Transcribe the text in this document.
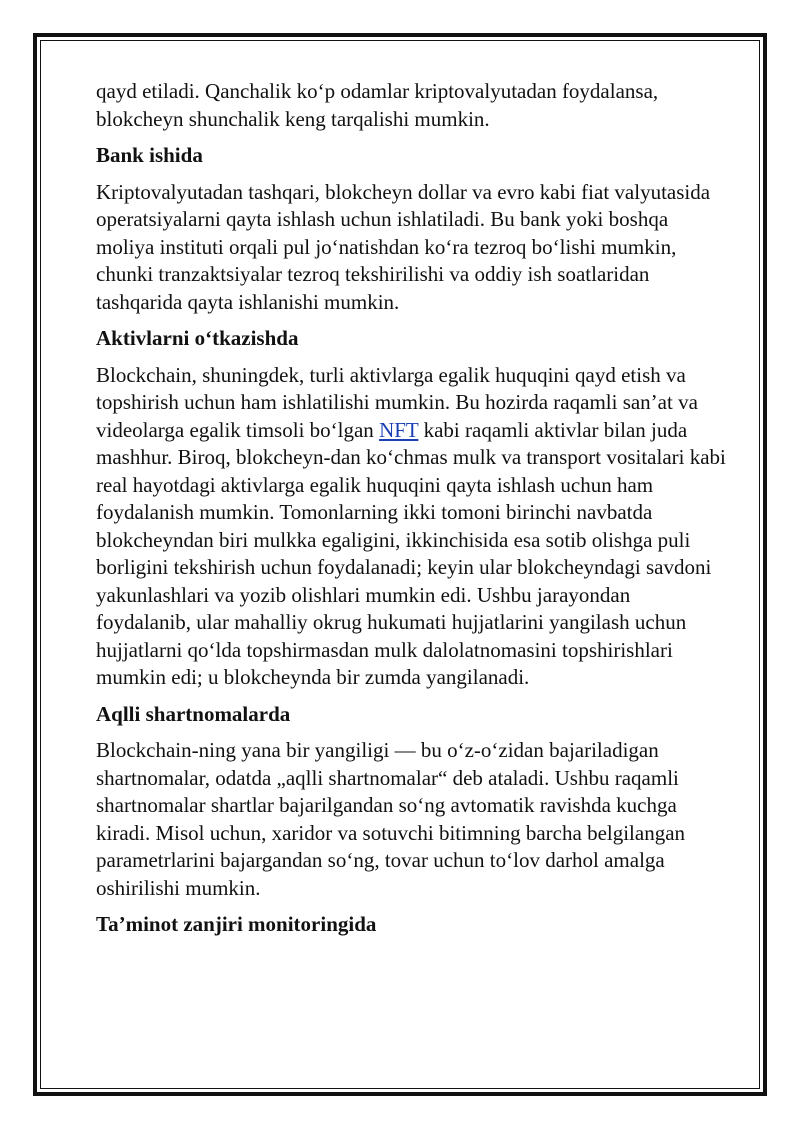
qayd etiladi. Qanchalik ko‘p odamlar kriptovalyutadan foydalansa, blokcheyn shunchalik keng tarqalishi mumkin.

Bank ishida

Kriptovalyutadan tashqari, blokcheyn dollar va evro kabi fiat valyutasida operatsiyalarni qayta ishlash uchun ishlatiladi. Bu bank yoki boshqa moliya instituti orqali pul jo‘natishdan ko‘ra tezroq bo‘lishi mumkin, chunki tranzaktsiyalar tezroq tekshirilishi va oddiy ish soatlaridan tashqarida qayta ishlanishi mumkin.

Aktivlarni o‘tkazishda

Blockchain, shuningdek, turli aktivlarga egalik huquqini qayd etish va topshirish uchun ham ishlatilishi mumkin. Bu hozirda raqamli san’at va videolarga egalik timsoli bo‘lgan NFT kabi raqamli aktivlar bilan juda mashhur. Biroq, blokcheyn-dan ko‘chmas mulk va transport vositalari kabi real hayotdagi aktivlarga egalik huquqini qayta ishlash uchun ham foydalanish mumkin. Tomonlarning ikki tomoni birinchi navbatda blokcheyndan biri mulkka egaligini, ikkinchisida esa sotib olishga puli borligini tekshirish uchun foydalanadi; keyin ular blokcheyndagi savdoni yakunlashlari va yozib olishlari mumkin edi. Ushbu jarayondan foydalanib, ular mahalliy okrug hukumati hujjatlarini yangilash uchun hujjatlarni qo‘lda topshirmasdan mulk dalolatnomasini topshirishlari mumkin edi; u blokcheynda bir zumda yangilanadi.

Aqlli shartnomalarda

Blockchain-ning yana bir yangiligi — bu o‘z-o‘zidan bajariladigan shartnomalar, odatda „aqlli shartnomalar“ deb ataladi. Ushbu raqamli shartnomalar shartlar bajarilgandan so‘ng avtomatik ravishda kuchga kiradi. Misol uchun, xaridor va sotuvchi bitimning barcha belgilangan parametrlarini bajargandan so‘ng, tovar uchun to‘lov darhol amalga oshirilishi mumkin.

Ta’minot zanjiri monitoringida
